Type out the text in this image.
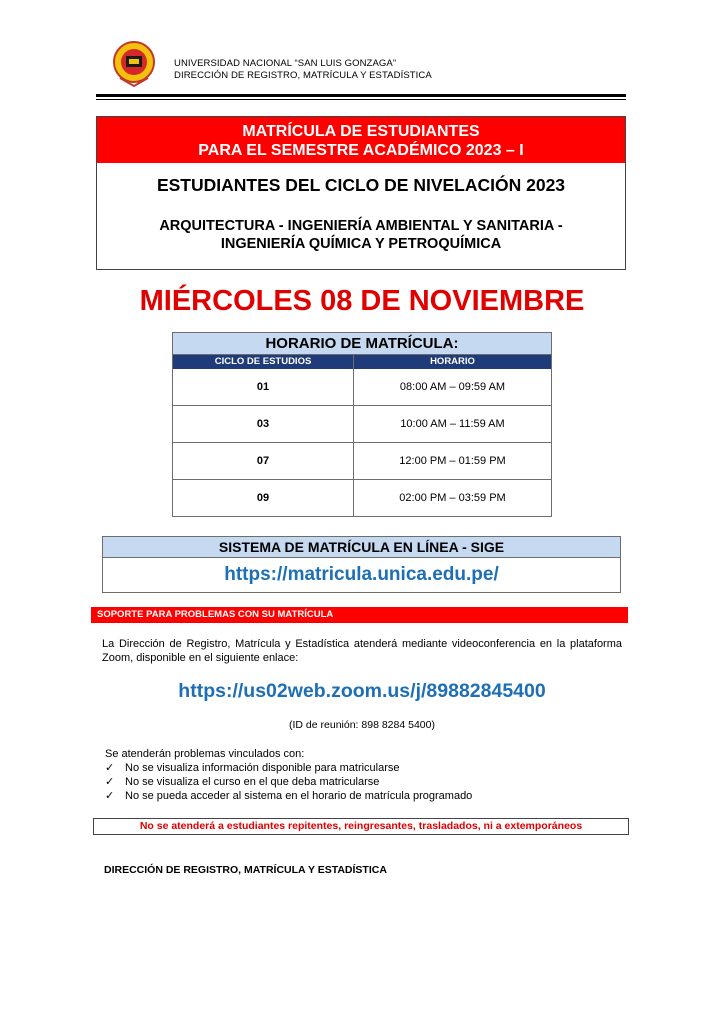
UNIVERSIDAD NACIONAL “SAN LUIS GONZAGA”
DIRECCIÓN DE REGISTRO, MATRÍCULA Y ESTADÍSTICA
MATRÍCULA DE ESTUDIANTES
PARA EL SEMESTRE ACADÉMICO 2023 – I
ESTUDIANTES DEL CICLO DE NIVELACIÓN 2023
ARQUITECTURA - INGENIERÍA AMBIENTAL Y SANITARIA -
INGENIERÍA QUÍMICA Y PETROQUÍMICA
MIÉRCOLES 08 DE NOVIEMBRE
HORARIO DE MATRÍCULA:
CICLO DE ESTUDIOS	HORARIO
01	08:00 AM – 09:59 AM
03	10:00 AM – 11:59 AM
07	12:00 PM – 01:59 PM
09	02:00 PM – 03:59 PM
SISTEMA DE MATRÍCULA EN LÍNEA - SIGE
https://matricula.unica.edu.pe/
SOPORTE PARA PROBLEMAS CON SU MATRÍCULA
La Dirección de Registro, Matrícula y Estadística atenderá mediante videoconferencia en la plataforma Zoom, disponible en el siguiente enlace:
https://us02web.zoom.us/j/89882845400
(ID de reunión: 898 8284 5400)
Se atenderán problemas vinculados con:
✓ No se visualiza información disponible para matricularse
✓ No se visualiza el curso en el que deba matricularse
✓ No se pueda acceder al sistema en el horario de matrícula programado
No se atenderá a estudiantes repitentes, reingresantes, trasladados, ni a extemporáneos
DIRECCIÓN DE REGISTRO, MATRÍCULA Y ESTADÍSTICA
